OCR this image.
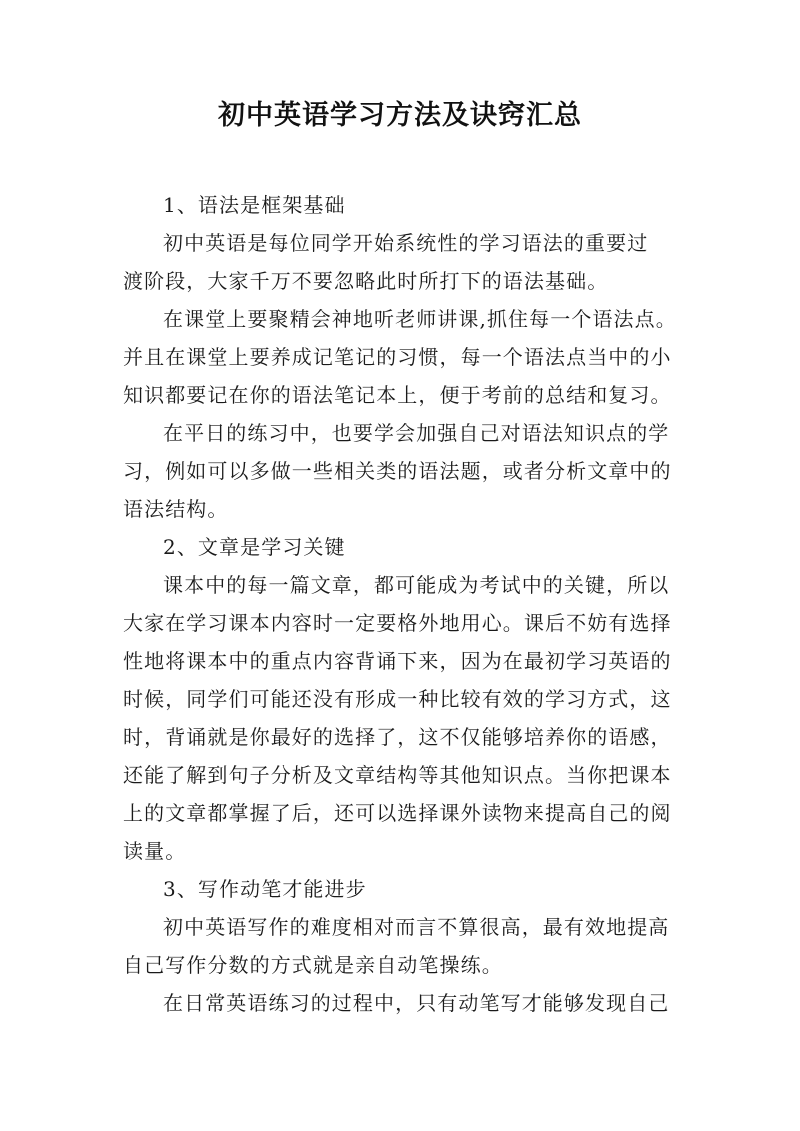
初中英语学习方法及诀窍汇总
1、语法是框架基础
初中英语是每位同学开始系统性的学习语法的重要过
渡阶段，大家千万不要忽略此时所打下的语法基础。
在课堂上要聚精会神地听老师讲课,抓住每一个语法点。
并且在课堂上要养成记笔记的习惯，每一个语法点当中的小
知识都要记在你的语法笔记本上，便于考前的总结和复习。
在平日的练习中，也要学会加强自己对语法知识点的学
习，例如可以多做一些相关类的语法题，或者分析文章中的
语法结构。
2、文章是学习关键
课本中的每一篇文章，都可能成为考试中的关键，所以
大家在学习课本内容时一定要格外地用心。课后不妨有选择
性地将课本中的重点内容背诵下来，因为在最初学习英语的
时候，同学们可能还没有形成一种比较有效的学习方式，这
时，背诵就是你最好的选择了，这不仅能够培养你的语感，
还能了解到句子分析及文章结构等其他知识点。当你把课本
上的文章都掌握了后，还可以选择课外读物来提高自己的阅
读量。
3、写作动笔才能进步
初中英语写作的难度相对而言不算很高，最有效地提高
自己写作分数的方式就是亲自动笔操练。
在日常英语练习的过程中，只有动笔写才能够发现自己
